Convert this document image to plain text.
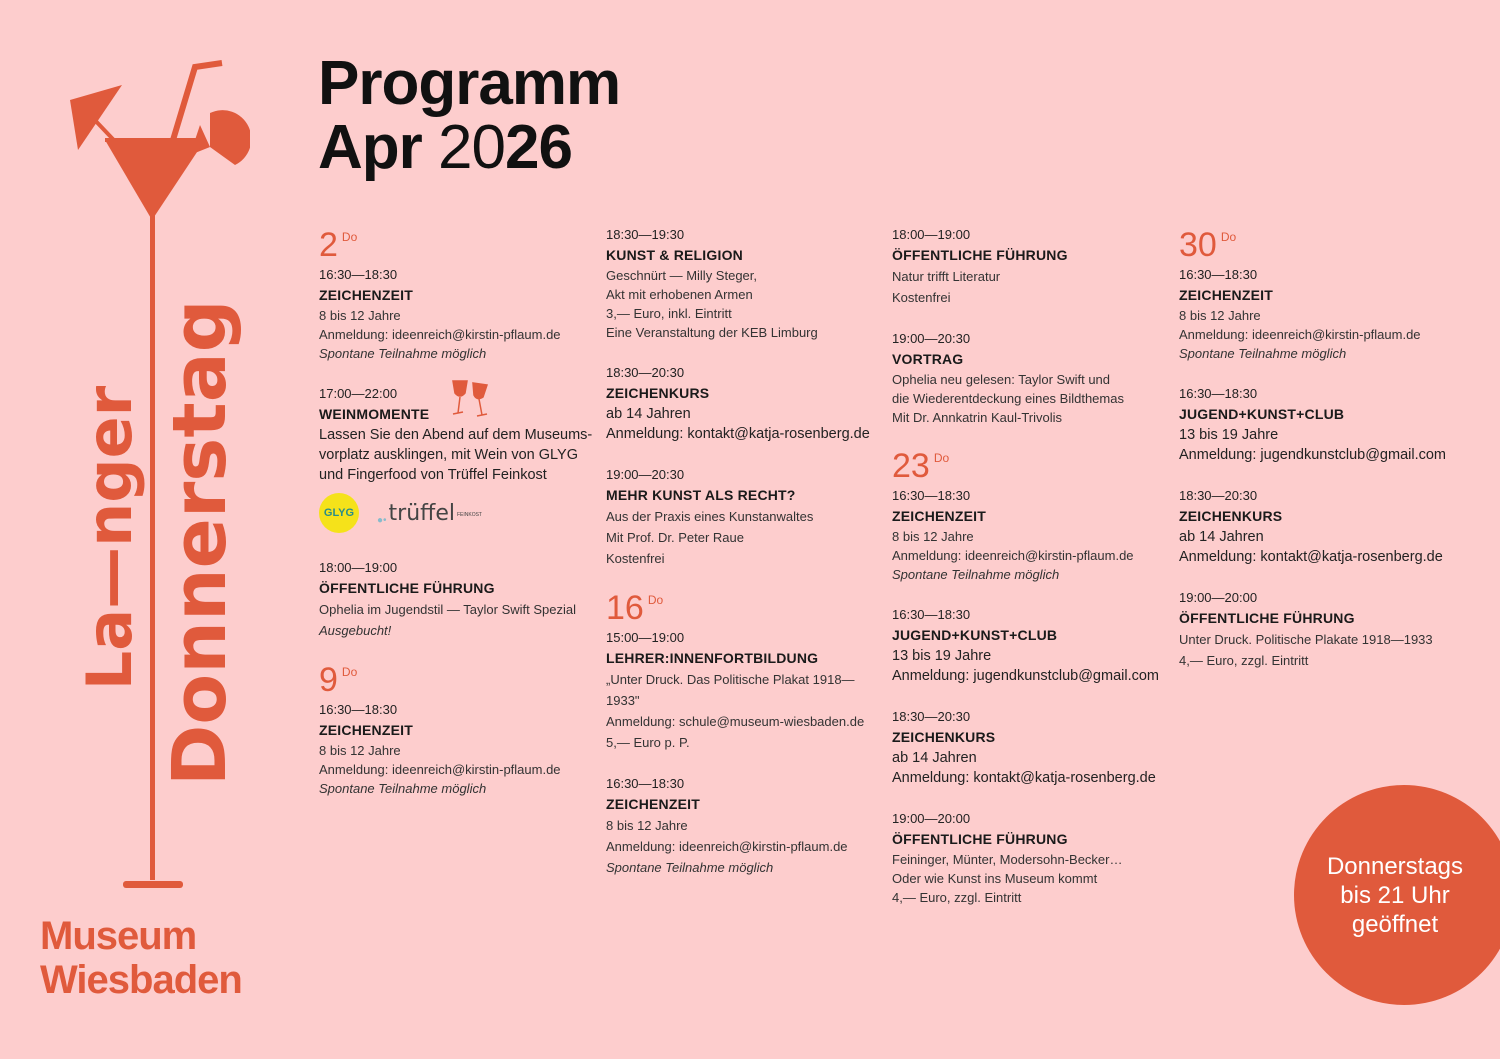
La—nger Donnerstag
Museum
Wiesbaden
Programm
Apr 2026
2 Do
16:30—18:30
ZEICHENZEIT
8 bis 12 Jahre
Anmeldung: ideenreich@kirstin-pflaum.de
Spontane Teilnahme möglich
17:00—22:00
WEINMOMENTE
Lassen Sie den Abend auf dem Museums-
vorplatz ausklingen, mit Wein von GLYG
und Fingerfood von Trüffel Feinkost
GLYG
●• trüffel FEINKOST
18:00—19:00
ÖFFENTLICHE FÜHRUNG
Ophelia im Jugendstil — Taylor Swift Spezial
Ausgebucht!
9 Do
16:30—18:30
ZEICHENZEIT
8 bis 12 Jahre
Anmeldung: ideenreich@kirstin-pflaum.de
Spontane Teilnahme möglich
18:30—19:30
KUNST & RELIGION
Geschnürt — Milly Steger,
Akt mit erhobenen Armen
3,— Euro, inkl. Eintritt
Eine Veranstaltung der KEB Limburg
18:30—20:30
ZEICHENKURS
ab 14 Jahren
Anmeldung: kontakt@katja-rosenberg.de
19:00—20:30
MEHR KUNST ALS RECHT?
Aus der Praxis eines Kunstanwaltes
Mit Prof. Dr. Peter Raue
Kostenfrei
16 Do
15:00—19:00
LEHRER:INNENFORTBILDUNG
„Unter Druck. Das Politische Plakat 1918—1933"
Anmeldung: schule@museum-wiesbaden.de
5,— Euro p. P.
16:30—18:30
ZEICHENZEIT
8 bis 12 Jahre
Anmeldung: ideenreich@kirstin-pflaum.de
Spontane Teilnahme möglich
18:00—19:00
ÖFFENTLICHE FÜHRUNG
Natur trifft Literatur
Kostenfrei
19:00—20:30
VORTRAG
Ophelia neu gelesen: Taylor Swift und
die Wiederentdeckung eines Bildthemas
Mit Dr. Annkatrin Kaul-Trivolis
23 Do
16:30—18:30
ZEICHENZEIT
8 bis 12 Jahre
Anmeldung: ideenreich@kirstin-pflaum.de
Spontane Teilnahme möglich
16:30—18:30
JUGEND+KUNST+CLUB
13 bis 19 Jahre
Anmeldung: jugendkunstclub@gmail.com
18:30—20:30
ZEICHENKURS
ab 14 Jahren
Anmeldung: kontakt@katja-rosenberg.de
19:00—20:00
ÖFFENTLICHE FÜHRUNG
Feininger, Münter, Modersohn-Becker…
Oder wie Kunst ins Museum kommt
4,— Euro, zzgl. Eintritt
30 Do
16:30—18:30
ZEICHENZEIT
8 bis 12 Jahre
Anmeldung: ideenreich@kirstin-pflaum.de
Spontane Teilnahme möglich
16:30—18:30
JUGEND+KUNST+CLUB
13 bis 19 Jahre
Anmeldung: jugendkunstclub@gmail.com
18:30—20:30
ZEICHENKURS
ab 14 Jahren
Anmeldung: kontakt@katja-rosenberg.de
19:00—20:00
ÖFFENTLICHE FÜHRUNG
Unter Druck. Politische Plakate 1918—1933
4,— Euro, zzgl. Eintritt
Donnerstags
bis 21 Uhr
geöffnet
